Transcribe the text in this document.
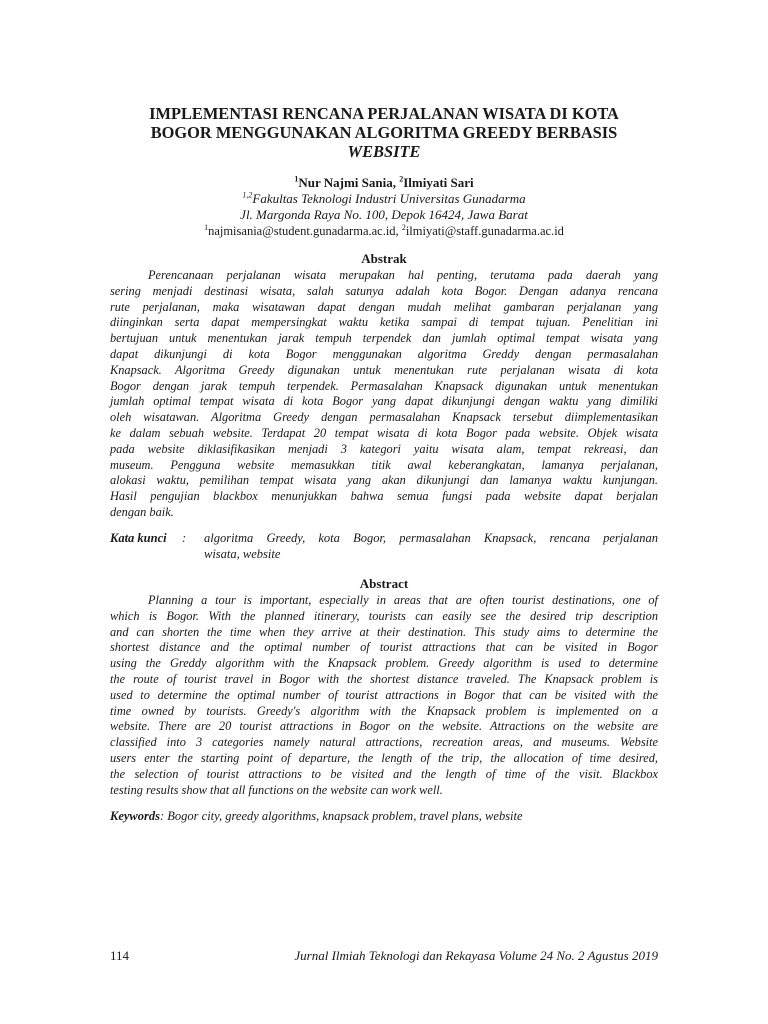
IMPLEMENTASI RENCANA PERJALANAN WISATA DI KOTA
BOGOR MENGGUNAKAN ALGORITMA GREEDY BERBASIS
WEBSITE
$^1$Nur Najmi Sania, $^2$Ilmiyati Sari
$^{1,2}$Fakultas Teknologi Industri Universitas Gunadarma
Jl. Margonda Raya No. 100, Depok 16424, Jawa Barat
$^1$najmisania@student.gunadarma.ac.id, $^2$ilmiyati@staff.gunadarma.ac.id
Abstrak
Perencanaan perjalanan wisata merupakan hal penting, terutama pada daerah yang
sering menjadi destinasi wisata, salah satunya adalah kota Bogor. Dengan adanya rencana
rute perjalanan, maka wisatawan dapat dengan mudah melihat gambaran perjalanan yang
diinginkan serta dapat mempersingkat waktu ketika sampai di tempat tujuan. Penelitian ini
bertujuan untuk menentukan jarak tempuh terpendek dan jumlah optimal tempat wisata yang
dapat dikunjungi di kota Bogor menggunakan algoritma Greddy dengan permasalahan
Knapsack. Algoritma Greedy digunakan untuk menentukan rute perjalanan wisata di kota
Bogor dengan jarak tempuh terpendek. Permasalahan Knapsack digunakan untuk menentukan
jumlah optimal tempat wisata di kota Bogor yang dapat dikunjungi dengan waktu yang dimiliki
oleh wisatawan. Algoritma Greedy dengan permasalahan Knapsack tersebut diimplementasikan
ke dalam sebuah website. Terdapat 20 tempat wisata di kota Bogor pada website. Objek wisata
pada website diklasifikasikan menjadi 3 kategori yaitu wisata alam, tempat rekreasi, dan
museum. Pengguna website memasukkan titik awal keberangkatan, lamanya perjalanan,
alokasi waktu, pemilihan tempat wisata yang akan dikunjungi dan lamanya waktu kunjungan.
Hasil pengujian blackbox menunjukkan bahwa semua fungsi pada website dapat berjalan
dengan baik.
Kata kunci : algoritma Greedy, kota Bogor, permasalahan Knapsack, rencana perjalanan
wisata, website
Abstract
Planning a tour is important, especially in areas that are often tourist destinations, one of
which is Bogor. With the planned itinerary, tourists can easily see the desired trip description
and can shorten the time when they arrive at their destination. This study aims to determine the
shortest distance and the optimal number of tourist attractions that can be visited in Bogor
using the Greddy algorithm with the Knapsack problem. Greedy algorithm is used to determine
the route of tourist travel in Bogor with the shortest distance traveled. The Knapsack problem is
used to determine the optimal number of tourist attractions in Bogor that can be visited with the
time owned by tourists. Greedy's algorithm with the Knapsack problem is implemented on a
website. There are 20 tourist attractions in Bogor on the website. Attractions on the website are
classified into 3 categories namely natural attractions, recreation areas, and museums. Website
users enter the starting point of departure, the length of the trip, the allocation of time desired,
the selection of tourist attractions to be visited and the length of time of the visit. Blackbox
testing results show that all functions on the website can work well.
Keywords: Bogor city, greedy algorithms, knapsack problem, travel plans, website
114	Jurnal Ilmiah Teknologi dan Rekayasa Volume 24 No. 2 Agustus 2019
